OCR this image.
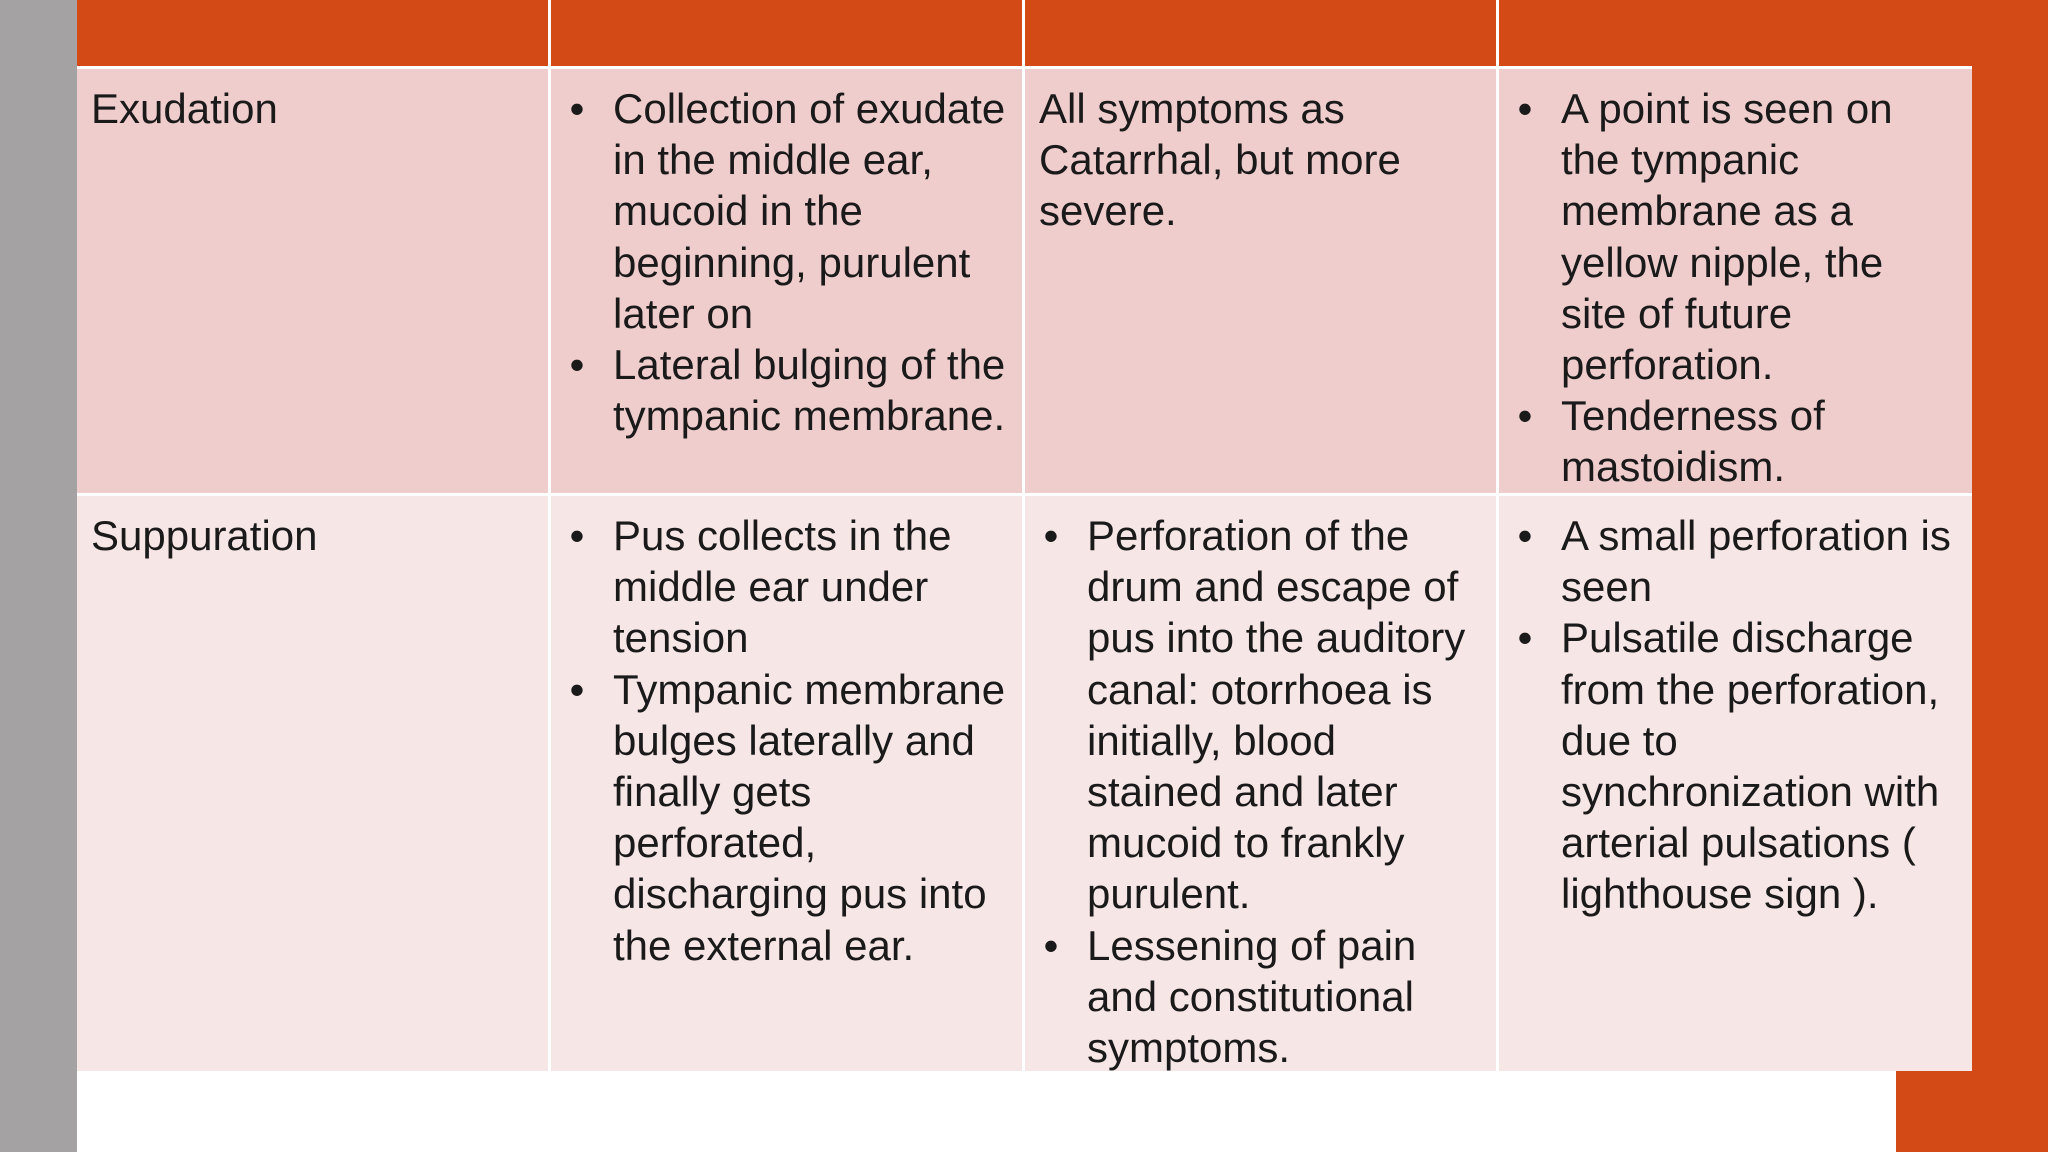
Exudation	• Collection of exudate in the middle ear, mucoid in the beginning, purulent later on
• Lateral bulging of the tympanic membrane.

All symptoms as Catarrhal, but more severe.

• A point is seen on the tympanic membrane as a yellow nipple, the site of future perforation.
• Tenderness of mastoidism.

Suppuration	• Pus collects in the middle ear under tension
• Tympanic membrane bulges laterally and finally gets perforated, discharging pus into the external ear.
• Perforation of the drum and escape of pus into the auditory canal: otorrhoea is initially, blood stained and later mucoid to frankly purulent.
• Lessening of pain and constitutional symptoms.
• A small perforation is seen
• Pulsatile discharge from the perforation, due to synchronization with arterial pulsations ( lighthouse sign ).
